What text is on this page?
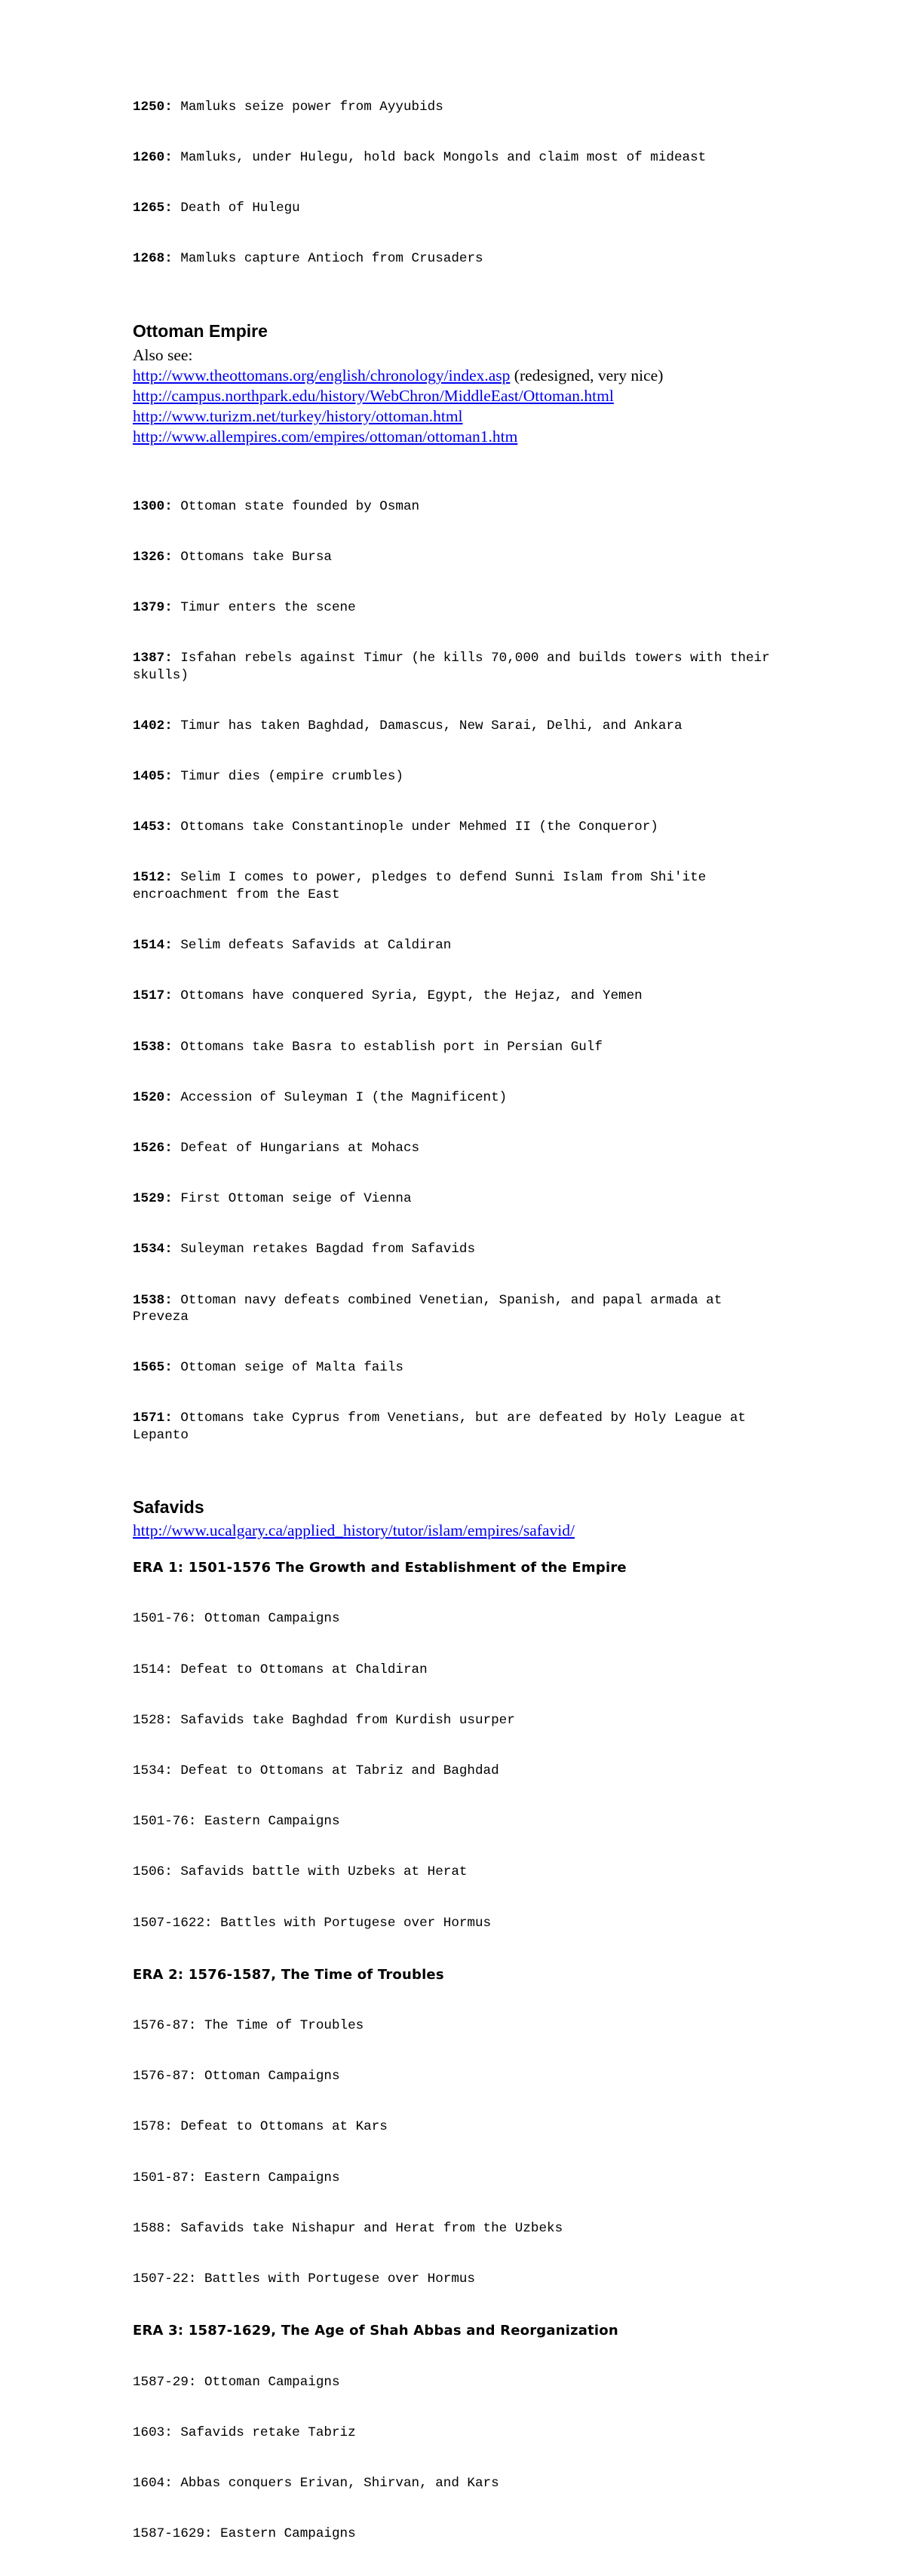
1250: Mamluks seize power from Ayyubids

1260: Mamluks, under Hulegu, hold back Mongols and claim most of mideast

1265: Death of Hulegu

1268: Mamluks capture Antioch from Crusaders

Ottoman Empire
Also see:
http://www.theottomans.org/english/chronology/index.asp (redesigned, very nice)
http://campus.northpark.edu/history/WebChron/MiddleEast/Ottoman.html
http://www.turizm.net/turkey/history/ottoman.html
http://www.allempires.com/empires/ottoman/ottoman1.htm

1300: Ottoman state founded by Osman

1326: Ottomans take Bursa

1379: Timur enters the scene

1387: Isfahan rebels against Timur (he kills 70,000 and builds towers with their skulls)

1402: Timur has taken Baghdad, Damascus, New Sarai, Delhi, and Ankara

1405: Timur dies (empire crumbles)

1453: Ottomans take Constantinople under Mehmed II (the Conqueror)

1512: Selim I comes to power, pledges to defend Sunni Islam from Shi'ite encroachment from the East

1514: Selim defeats Safavids at Caldiran

1517: Ottomans have conquered Syria, Egypt, the Hejaz, and Yemen

1538: Ottomans take Basra to establish port in Persian Gulf

1520: Accession of Suleyman I (the Magnificent)

1526: Defeat of Hungarians at Mohacs

1529: First Ottoman seige of Vienna

1534: Suleyman retakes Bagdad from Safavids

1538: Ottoman navy defeats combined Venetian, Spanish, and papal armada at Preveza

1565: Ottoman seige of Malta fails

1571: Ottomans take Cyprus from Venetians, but are defeated by Holy League at Lepanto

Safavids
http://www.ucalgary.ca/applied_history/tutor/islam/empires/safavid/
ERA 1: 1501-1576 The Growth and Establishment of the Empire

1501-76: Ottoman Campaigns

1514: Defeat to Ottomans at Chaldiran

1528: Safavids take Baghdad from Kurdish usurper

1534: Defeat to Ottomans at Tabriz and Baghdad

1501-76: Eastern Campaigns

1506: Safavids battle with Uzbeks at Herat

1507-1622: Battles with Portugese over Hormus

ERA 2: 1576-1587, The Time of Troubles

1576-87: The Time of Troubles

1576-87: Ottoman Campaigns

1578: Defeat to Ottomans at Kars

1501-87: Eastern Campaigns

1588: Safavids take Nishapur and Herat from the Uzbeks

1507-22: Battles with Portugese over Hormus

ERA 3: 1587-1629, The Age of Shah Abbas and Reorganization

1587-29: Ottoman Campaigns

1603: Safavids retake Tabriz

1604: Abbas conquers Erivan, Shirvan, and Kars

1587-1629: Eastern Campaigns
